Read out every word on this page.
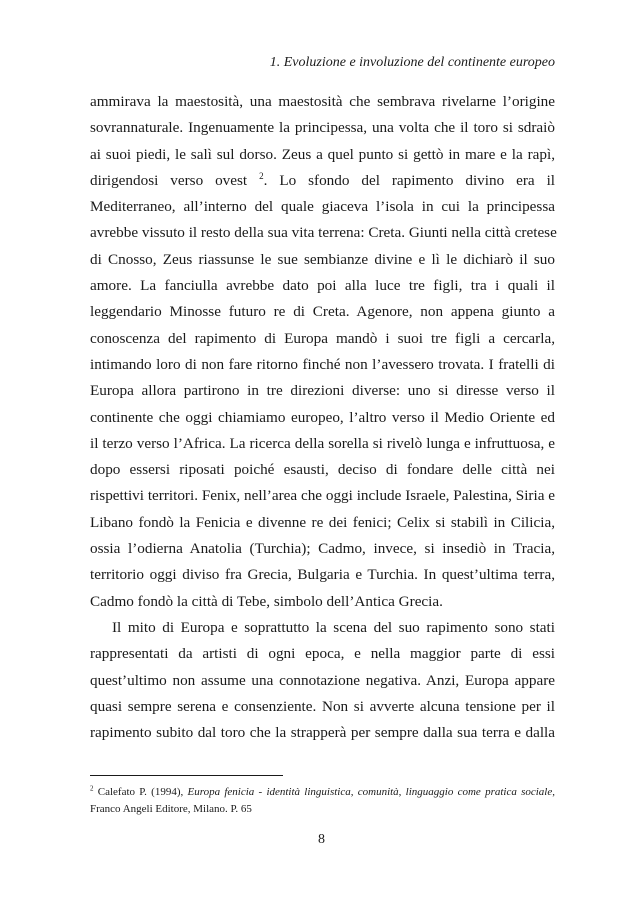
1. Evoluzione e involuzione del continente europeo
ammirava la maestosità, una maestosità che sembrava rivelarne l’origine
sovrannaturale. Ingenuamente la principessa, una volta che il toro si sdraiò
ai suoi piedi, le salì sul dorso. Zeus a quel punto si gettò in mare e la rapì,
dirigendosi verso ovest $^2$. Lo sfondo del rapimento divino era il
Mediterraneo, all’interno del quale giaceva l’isola in cui la principessa
avrebbe vissuto il resto della sua vita terrena: Creta. Giunti nella città cretese
di Cnosso, Zeus riassunse le sue sembianze divine e lì le dichiarò il suo
amore. La fanciulla avrebbe dato poi alla luce tre figli, tra i quali il
leggendario Minosse futuro re di Creta. Agenore, non appena giunto a
conoscenza del rapimento di Europa mandò i suoi tre figli a cercarla,
intimando loro di non fare ritorno finché non l’avessero trovata. I fratelli di
Europa allora partirono in tre direzioni diverse: uno si diresse verso il
continente che oggi chiamiamo europeo, l’altro verso il Medio Oriente ed
il terzo verso l’Africa. La ricerca della sorella si rivelò lunga e infruttuosa, e
dopo essersi riposati poiché esausti, deciso di fondare delle città nei
rispettivi territori. Fenix, nell’area che oggi include Israele, Palestina, Siria e
Libano fondò la Fenicia e divenne re dei fenici; Celix si stabilì in Cilicia,
ossia l’odierna Anatolia (Turchia); Cadmo, invece, si insediò in Tracia,
territorio oggi diviso fra Grecia, Bulgaria e Turchia. In quest’ultima terra,
Cadmo fondò la città di Tebe, simbolo dell’Antica Grecia.
Il mito di Europa e soprattutto la scena del suo rapimento sono stati
rappresentati da artisti di ogni epoca, e nella maggior parte di essi
quest’ultimo non assume una connotazione negativa. Anzi, Europa appare
quasi sempre serena e consenziente. Non si avverte alcuna tensione per il
rapimento subito dal toro che la strapperà per sempre dalla sua terra e dalla
$^2$ Calefato P. (1994), Europa fenicia - identità linguistica, comunità, linguaggio come pratica sociale,
Franco Angeli Editore, Milano. P. 65
8
